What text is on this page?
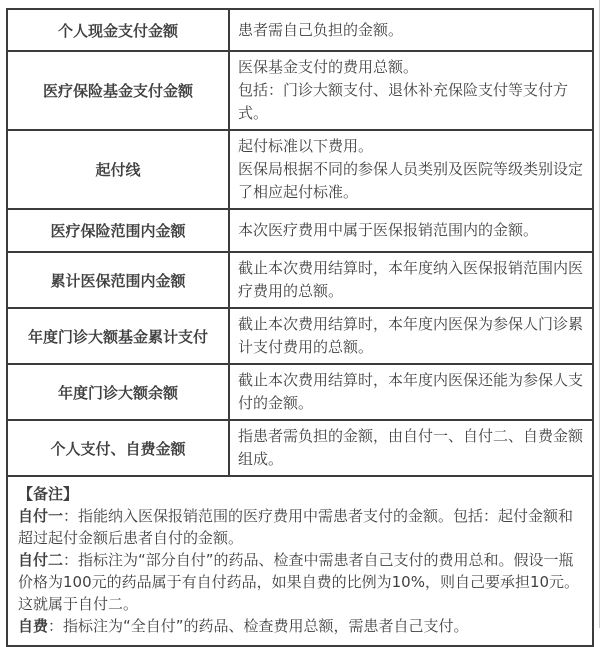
个人现金支付金额	患者需自己负担的金额。

医疗保险基金支付金额

医保基金支付的费用总额。

包括：门诊大额支付、退休补充保险支付等支付方式。

起付线

起付标准以下费用。

医保局根据不同的参保人员类别及医院等级类别设定了相应起付标准。

医疗保险范围内金额	本次医疗费用中属于医保报销范围内的金额。

累计医保范围内金额

截止本次费用结算时，本年度纳入医保报销范围内医疗费用的总额。

年度门诊大额基金累计支付

截止本次费用结算时，本年度内医保为参保人门诊累计支付费用的总额。

年度门诊大额余额

截止本次费用结算时，本年度内医保还能为参保人支付的金额。

个人支付、自费金额

指患者需负担的金额，由自付一、自付二、自费金额组成。

【备注】

自付一：指能纳入医保报销范围的医疗费用中需患者支付的金额。包括：起付金额和超过起付金额后患者自付的金额。

自付二：指标注为“部分自付”的药品、检查中需患者自己支付的费用总和。假设一瓶价格为100元的药品属于有自付药品，如果自费的比例为10%，则自己要承担10元。这就属于自付二。

自费：指标注为“全自付”的药品、检查费用总额，需患者自己支付。
